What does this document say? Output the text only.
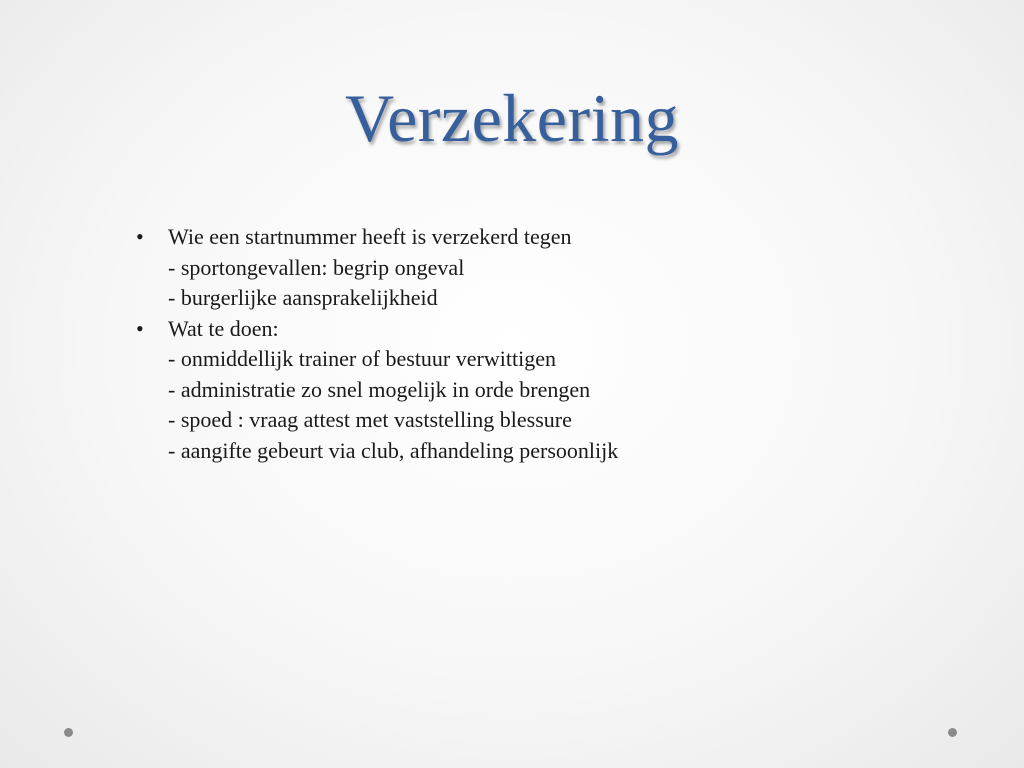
Verzekering
• Wie een startnummer heeft is verzekerd tegen
- sportongevallen: begrip ongeval
- burgerlijke aansprakelijkheid
• Wat te doen:
- onmiddellijk trainer of bestuur verwittigen
- administratie zo snel mogelijk in orde brengen
- spoed : vraag attest met vaststelling blessure
- aangifte gebeurt via club, afhandeling persoonlijk
